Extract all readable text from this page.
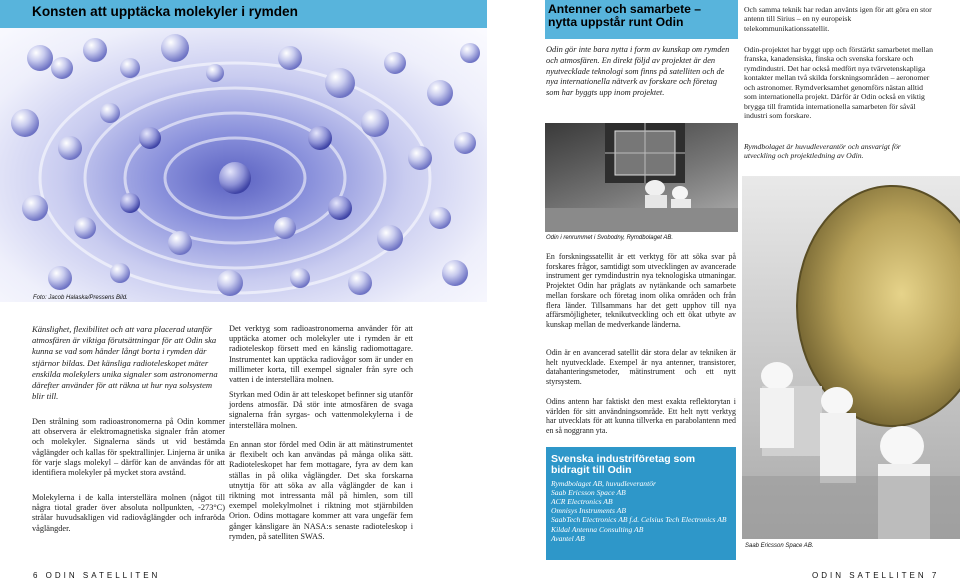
Konsten att upptäcka molekyler i rymden
Foto: Jacob Halaska/Pressens Bild.
Känslighet, flexibilitet och att vara placerad utanför atmosfären är viktiga förutsättningar för att Odin ska kunna se vad som händer långt borta i rymden där stjärnor bildas. Det känsliga radioteleskopet mäter enskilda molekylers unika signaler som astronomerna därefter använder för att räkna ut hur nya solsystem blir till.
Den strålning som radioastronomerna på Odin kommer att observera är elektromagnetiska signaler från atomer och molekyler. Signalerna sänds ut vid bestämda våglängder och kallas för spektrallinjer. Linjerna är unika för varje slags molekyl – därför kan de användas för att identifiera molekyler på mycket stora avstånd.
Molekylerna i de kalla interstellära molnen (något till några tiotal grader över absoluta nollpunkten, -273°C) strålar huvudsakligen vid radiovåglängder och infraröda våglängder.
Det verktyg som radioastronomerna använder för att upptäcka atomer och molekyler ute i rymden är ett radioteleskop försett med en känslig radiomottagare. Instrumentet kan upptäcka radiovågor som är under en millimeter korta, till exempel signaler från syre och vatten i de interstellära molnen.
Styrkan med Odin är att teleskopet befinner sig utanför jordens atmosfär. Då stör inte atmosfären de svaga signalerna från syrgas- och vattenmolekylerna i de interstellära molnen.
En annan stor fördel med Odin är att mätinstrumentet är flexibelt och kan användas på många olika sätt. Radioteleskopet har fem mottagare, fyra av dem kan ställas in på olika våglängder. Det ska forskarna utnyttja för att söka av alla våglängder de kan i riktning mot intressanta mål på himlen, som till exempel molekylmolnet i riktning mot stjärnbilden Orion. Odins mottagare kommer att vara ungefär fem gånger känsligare än NASA:s senaste radioteleskop i rymden, på satelliten SWAS.
6 ODIN SATELLITEN
Antenner och samarbete – nytta uppstår runt Odin
Odin gör inte bara nytta i form av kunskap om rymden och atmosfären. En direkt följd av projektet är den nyutvecklade teknologi som finns på satelliten och de nya internationella nätverk av forskare och företag som har byggts upp inom projektet.
Och samma teknik har redan använts igen för att göra en stor antenn till Sirius – en ny europeisk telekommunikationssatellit.
Odin-projektet har byggt upp och förstärkt samarbetet mellan franska, kanadensiska, finska och svenska forskare och rymdindustri. Det har också medfört nya tvärvetenskapliga kontakter mellan två skilda forskningsområden – aeronomer och astronomer. Rymdverksamhet genomförs nästan alltid som internationella projekt. Därför är Odin också en viktig brygga till framtida internationella samarbeten för såväl industri som forskare.
Rymdbolaget är huvudleverantör och ansvarigt för utveckling och projektledning av Odin.
Odin i renrummet i Svobodny, Rymdbolaget AB.
Saab Ericsson Space AB.
En forskningssatellit är ett verktyg för att söka svar på forskares frågor, samtidigt som utvecklingen av avancerade instrument ger rymdindustrin nya teknologiska utmaningar. Projektet Odin har präglats av nytänkande och samarbete mellan forskare och företag inom olika områden och från flera länder. Tillsammans har det gett upphov till nya affärsmöjligheter, teknikutveckling och ett ökat utbyte av kunskap mellan de medverkande länderna.
Odin är en avancerad satellit där stora delar av tekniken är helt nyutvecklade. Exempel är nya antenner, transistorer, datahanteringsmetoder, mätinstrument och ett nytt styrsystem.
Odins antenn har faktiskt den mest exakta reflektorytan i världen för sitt användningsområde. Ett helt nytt verktyg har utvecklats för att kunna tillverka en parabolantenn med en så noggrann yta.
Svenska industriföretag som bidragit till Odin
Rymdbolaget AB, huvudleverantör
Saab Ericsson Space AB
ACR Electronics AB
Omnisys Instruments AB
SaabTech Electronics AB f.d. Celsius Tech Electronics AB
Kildal Antenna Consulting AB
Avantel AB
ODIN SATELLITEN 7
